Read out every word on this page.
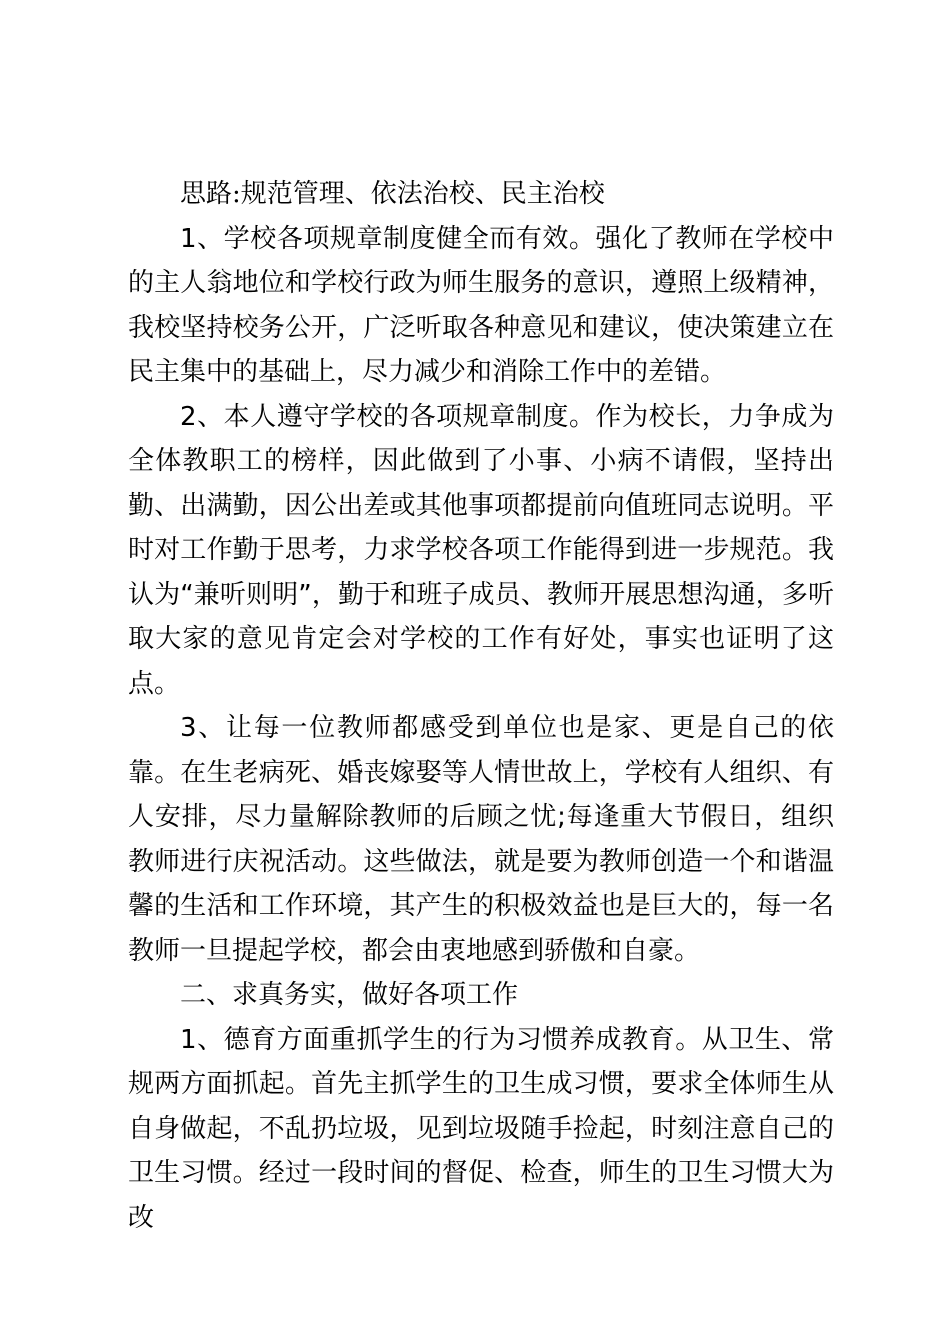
思路:规范管理、依法治校、民主治校

1、学校各项规章制度健全而有效。强化了教师在学校中的主人翁地位和学校行政为师生服务的意识，遵照上级精神，我校坚持校务公开，广泛听取各种意见和建议，使决策建立在民主集中的基础上，尽力减少和消除工作中的差错。

2、本人遵守学校的各项规章制度。作为校长，力争成为全体教职工的榜样，因此做到了小事、小病不请假，坚持出勤、出满勤，因公出差或其他事项都提前向值班同志说明。平时对工作勤于思考，力求学校各项工作能得到进一步规范。我认为“兼听则明”，勤于和班子成员、教师开展思想沟通，多听取大家的意见肯定会对学校的工作有好处，事实也证明了这点。

3、让每一位教师都感受到单位也是家、更是自己的依靠。在生老病死、婚丧嫁娶等人情世故上，学校有人组织、有人安排，尽力量解除教师的后顾之忧;每逢重大节假日，组织教师进行庆祝活动。这些做法，就是要为教师创造一个和谐温馨的生活和工作环境，其产生的积极效益也是巨大的，每一名教师一旦提起学校，都会由衷地感到骄傲和自豪。

二、求真务实，做好各项工作

1、德育方面重抓学生的行为习惯养成教育。从卫生、常规两方面抓起。首先主抓学生的卫生成习惯，要求全体师生从自身做起，不乱扔垃圾，见到垃圾随手捡起，时刻注意自己的卫生习惯。经过一段时间的督促、检查，师生的卫生习惯大为改
